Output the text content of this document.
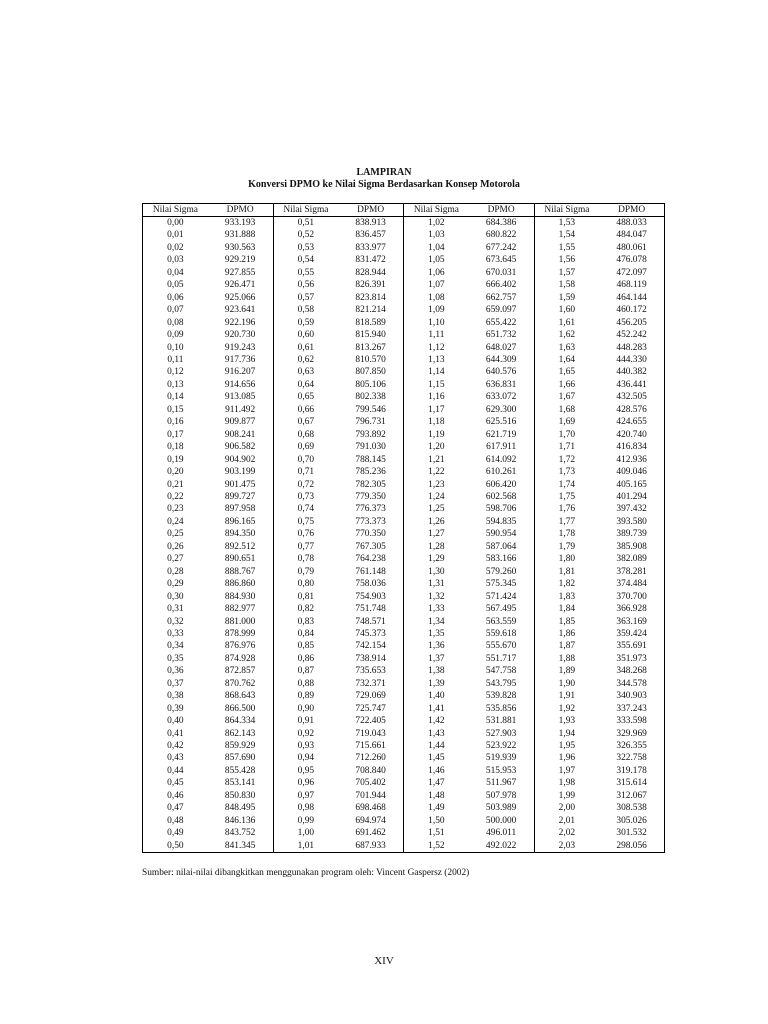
LAMPIRAN
Konversi DPMO ke Nilai Sigma Berdasarkan Konsep Motorola
Nilai Sigma	DPMO	Nilai Sigma	DPMO	Nilai Sigma	DPMO	Nilai Sigma	DPMO
0,00	933.193	0,51	838.913	1,02	684.386	1,53	488.033
0,01	931.888	0,52	836.457	1,03	680.822	1,54	484.047
0,02	930.563	0,53	833.977	1,04	677.242	1,55	480.061
0,03	929.219	0,54	831.472	1,05	673.645	1,56	476.078
0,04	927.855	0,55	828.944	1,06	670.031	1,57	472.097
0,05	926.471	0,56	826.391	1,07	666.402	1,58	468.119
0,06	925.066	0,57	823.814	1,08	662.757	1,59	464.144
0,07	923.641	0,58	821.214	1,09	659.097	1,60	460.172
0,08	922.196	0,59	818.589	1,10	655.422	1,61	456.205
0,09	920.730	0,60	815.940	1,11	651.732	1,62	452.242
0,10	919.243	0,61	813.267	1,12	648.027	1,63	448.283
0,11	917.736	0,62	810.570	1,13	644.309	1,64	444.330
0,12	916.207	0,63	807.850	1,14	640.576	1,65	440.382
0,13	914.656	0,64	805.106	1,15	636.831	1,66	436.441
0,14	913.085	0,65	802.338	1,16	633.072	1,67	432.505
0,15	911.492	0,66	799.546	1,17	629.300	1,68	428.576
0,16	909.877	0,67	796.731	1,18	625.516	1,69	424.655
0,17	908.241	0,68	793.892	1,19	621.719	1,70	420.740
0,18	906.582	0,69	791.030	1,20	617.911	1,71	416.834
0,19	904.902	0,70	788.145	1,21	614.092	1,72	412.936
0,20	903.199	0,71	785.236	1,22	610.261	1,73	409.046
0,21	901.475	0,72	782.305	1,23	606.420	1,74	405.165
0,22	899.727	0,73	779.350	1,24	602.568	1,75	401.294
0,23	897.958	0,74	776.373	1,25	598.706	1,76	397.432
0,24	896.165	0,75	773.373	1,26	594.835	1,77	393.580
0,25	894.350	0,76	770.350	1,27	590.954	1,78	389.739
0,26	892.512	0,77	767.305	1,28	587.064	1,79	385.908
0,27	890.651	0,78	764.238	1,29	583.166	1,80	382.089
0,28	888.767	0,79	761.148	1,30	579.260	1,81	378.281
0,29	886.860	0,80	758.036	1,31	575.345	1,82	374.484
0,30	884.930	0,81	754.903	1,32	571.424	1,83	370.700
0,31	882.977	0,82	751.748	1,33	567.495	1,84	366.928
0,32	881.000	0,83	748.571	1,34	563.559	1,85	363.169
0,33	878.999	0,84	745.373	1,35	559.618	1,86	359.424
0,34	876.976	0,85	742.154	1,36	555.670	1,87	355.691
0,35	874.928	0,86	738.914	1,37	551.717	1,88	351.973
0,36	872.857	0,87	735.653	1,38	547.758	1,89	348.268
0,37	870.762	0,88	732.371	1,39	543.795	1,90	344.578
0,38	868.643	0,89	729.069	1,40	539.828	1,91	340.903
0,39	866.500	0,90	725.747	1,41	535.856	1,92	337.243
0,40	864.334	0,91	722.405	1,42	531.881	1,93	333.598
0,41	862.143	0,92	719.043	1,43	527.903	1,94	329.969
0,42	859.929	0,93	715.661	1,44	523.922	1,95	326.355
0,43	857.690	0,94	712.260	1,45	519.939	1,96	322.758
0,44	855.428	0,95	708.840	1,46	515.953	1,97	319.178
0,45	853.141	0,96	705.402	1,47	511.967	1,98	315.614
0,46	850.830	0,97	701.944	1,48	507.978	1,99	312.067
0,47	848.495	0,98	698.468	1,49	503.989	2,00	308.538
0,48	846.136	0,99	694.974	1,50	500.000	2,01	305.026
0,49	843.752	1,00	691.462	1,51	496.011	2,02	301.532
0,50	841.345	1,01	687.933	1,52	492.022	2,03	298.056
Sumber: nilai-nilai dibangkitkan menggunakan program oleh: Vincent Gaspersz (2002)
XIV
